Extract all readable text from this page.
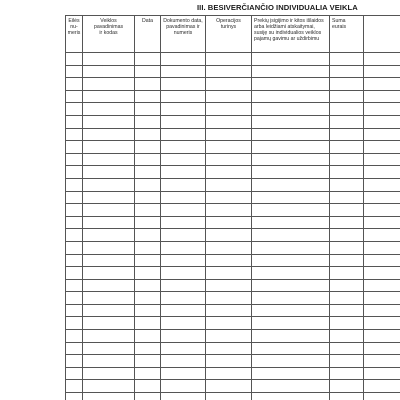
III. BESIVERČIANČIO INDIVIDUALIA VEIKLA
Eilės
nu-
meris	Veiklos
pavadinimas
ir kodas	Data	Dokumento data,
pavadinimas ir
numeris	Operacijos
turinys	Prekių įsigijimo ir kitos išlaidos
arba leidžiami atskaitymai,
susiję su individualios veiklos
pajamų gavimu ar uždirbimu	Suma
eurais	
